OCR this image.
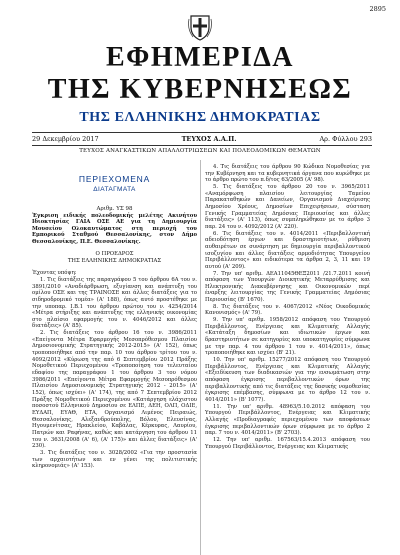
2895
ΕΦΗΜΕΡΙΔΑ
ΤΗΣ ΚΥΒΕΡΝΗΣΕΩΣ
ΤΗΣ ΕΛΛΗΝΙΚΗΣ ΔΗΜΟΚΡΑΤΙΑΣ
29 Δεκεμβρίου 2017	ΤΕΥΧΟΣ Α.Α.Π.	Αρ. Φύλλου 293
ΤΕΥΧΟΣ ΑΝΑΓΚΑΣΤΙΚΩΝ ΑΠΑΛΛΟΤΡΙΩΣΕΩΝ ΚΑΙ ΠΟΛΕΟΔΟΜΙΚΩΝ ΘΕΜΑΤΩΝ
ΠΕΡΙΕΧΟΜΕΝΑ
ΔΙΑΤΑΓΜΑΤΑ
Αριθμ. ΥΣ 98

Έγκριση ειδικής πολεοδομικής μελέτης Ακινήτου Ιδιοκτησίας ΓΑΙΑ ΟΣΕ ΑΕ για τη Δημιουργία Μουσείου Ολοκαυτώματος στη περιοχή του Εμπορικού Σταθμού Θεσσαλονίκης, στον Δήμο Θεσσαλονίκης, Π.Ε. Θεσσαλονίκης.

Ο ΠΡΟΕΔΡΟΣ

ΤΗΣ ΕΛΛΗΝΙΚΗΣ ΔΗΜΟΚΡΑΤΙΑΣ

Έχοντας υπόψη:

1. Τις διατάξεις της παραγράφου 5 του άρθρου 6Α του ν. 3891/2010 «Αναδιάρθρωση, εξυγίανση και ανάπτυξη του ομίλου ΟΣΕ και της ΤΡΑΙΝΟΣΕ και άλλες διατάξεις για το σιδηροδρομικό τομέα» (Α' 188), όπως αυτό προστέθηκε με την υποπαρ. Ι.Β.1 του άρθρου πρώτου του ν. 4254/2014 «Μέτρα στήριξης και ανάπτυξης της ελληνικής οικονομίας στο πλαίσιο εφαρμογής του ν. 4046/2012 και άλλες διατάξεις» (Α' 85).

2. Τις διατάξεις του άρθρου 16 του ν. 3986/2011 «Επείγοντα Μέτρα Εφαρμογής Μεσοπρόθεσμου Πλαισίου Δημοσιονομικής Στρατηγικής 2012-2015» (Α' 152), όπως τροποποιήθηκε από την παρ. 10 του άρθρου τρίτου του ν. 4092/2012 «Κύρωση της από 6 Σεπτεμβρίου 2012 Πράξης Νομοθετικού Περιεχομένου «Τροποποίηση του τελευταίου εδαφίου της παραγράφου 1 του άρθρου 3 του νόμου 3986/2011 «Επείγοντα Μέτρα Εφαρμογής Μεσοπρόθεσμου Πλαισίου Δημοσιονομικής Στρατηγικής 2012 - 2015» (Α' 152), όπως ισχύει» (Α' 174), της από 7 Σεπτεμβρίου 2012 Πράξης Νομοθετικού Περιεχομένου «Κατάργηση ελάχιστου ποσοστού Ελληνικού Δημοσίου σε ΕΛΠΕ, ΔΕΗ, ΟΛΠ, ΟΔΙΕ, ΕΥΔΑΠ, ΕΥΑΘ, ΕΤΑ, Οργανισμό Λιμένος Πειραιώς, Θεσσαλονίκης, Αλεξανδρούπολης, Βόλου, Ελευσίνας, Ηγουμενίτσας, Ηρακλείου, Καβάλας, Κέρκυρας, Λαυρίου, Πατρών και Ραφήνας, καθώς και κατάργηση του άρθρου 11 του ν. 3631/2008 (Α' 6), (Α' 175)» και άλλες διατάξεις» (Α' 230).

3. Τις διατάξεις του ν. 3028/2002 «Για την προστασία των αρχαιοτήτων και εν γένει της πολιτιστικής κληρονομιάς» (Α' 153).

4. Τις διατάξεις του άρθρου 90 Κώδικα Νομοθεσίας για την Κυβέρνηση και τα κυβερνητικά όργανα που κυρώθηκε με το άρθρο πρώτο του π.δ/τος 63/2005 (Α' 98).

5. Τις διατάξεις του άρθρου 20 του ν. 3965/2011 «Αναμόρφωση πλαισίου λειτουργίας Ταμείου Παρακαταθηκών και Δανείων, Οργανισμού Διαχείρισης Δημοσίου Χρέους, Δημοσίων Επιχειρήσεων, σύσταση Γενικής Γραμματείας Δημόσιας Περιουσίας και άλλες διατάξεις» (Α' 113), όπως συμπληρώθηκαν με το άρθρο 3 παρ. 24 του ν. 4092/2012 (Α' 220).

6. Τις διατάξεις του ν. 4014/2011 «Περιβαλλοντική αδειοδότηση έργων και δραστηριοτήτων, ρύθμιση αυθαιρέτων σε συνάρτηση με δημιουργία περιβαλλοντικού ισοζυγίου και άλλες διατάξεις αρμοδιότητας Υπουργείου Περιβάλλοντος» και ειδικότερα τα άρθρα 2, 3, 11 και 19 αυτού (Α' 209).

7. Την υπ' αριθμ. ΔΕΑ11045ΘΕΞ2011 /21.7.2011 κοινή απόφαση των Υπουργών Διοικητικής Μεταρρύθμισης και Ηλεκτρονικής Διακυβέρνησης και Οικονομικών περί έναρξης λειτουργίας της Γενικής Γραμματείας Δημόσιας Περιουσίας (Β' 1670).

8. Τις διατάξεις του ν. 4067/2012 «Νέος Οικοδομικός Κανονισμός» (Α' 79).

9. Την υπ' αριθμ. 1958/2012 απόφαση του Υπουργού Περιβάλλοντος, Ενέργειας και Κλιματικής Αλλαγής «Κατάταξη δημοσίων και ιδιωτικών έργων και δραστηριοτήτων σε κατηγορίες και υποκατηγορίες σύμφωνα με την παρ. 4 του άρθρου 1 του ν. 4014/2011», όπως τροποποιήθηκε και ισχύει (Β' 21).

10. Την υπ' αριθμ. 15277/2012 απόφαση του Υπουργού Περιβάλλοντος, Ενέργειας και Κλιματικής Αλλαγής «Εξειδίκευση των διαδικασιών για την ενσωμάτωση στην απόφαση έγκρισης περιβαλλοντικών όρων της περιβαλλοντικής από τις διατάξεις της δασικής νομοθεσίας έγκρισης επέμβασης, σύμφωνα με το άρθρο 12 του ν. 4014/2011» (Β' 1077).

11. Την υπ' αριθμ. 48963/5.10.2012 απόφαση του Υπουργού Περιβάλλοντος, Ενέργειας και Κλιματικής Αλλαγής «Προδιαγραφές περιεχομένου των αποφάσεων έγκρισης περιβαλλοντικών όρων σύμφωνα με το άρθρο 2 παρ. 7 του ν. 4014/2011» (Β' 2703).

12. Την υπ' αριθμ. 167563/15.4.2013 απόφαση του Υπουργού Περιβάλλοντος, Ενέργειας και Κλιματικής
